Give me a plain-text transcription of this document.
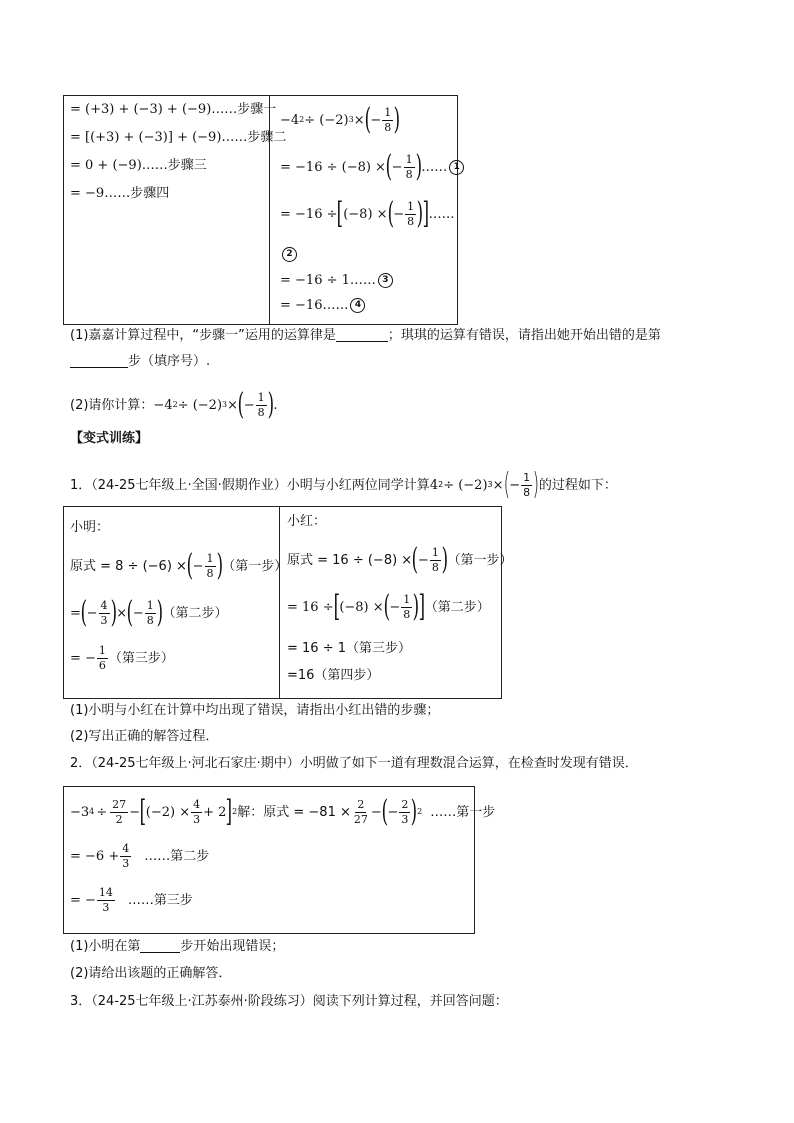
= (+3) + (−3) + (−9) ……步骤一
= [(+3) + (−3)] + (−9) ……步骤二
= 0 + (−9) ……步骤三
= −9 ……步骤四
−4 2 ÷ (−2) 3 × ( − $\frac{1}{8}$ )
= −16 ÷ (−8) × ( − $\frac{1}{8}$ ) …… 1
= −16 ÷ [ (−8) × ( − $\frac{1}{8}$ ) ] ……
2
= −16 ÷ 1 …… 3
= −16 …… 4
(1)嘉嘉计算过程中，“步骤一”运用的运算律是	；琪琪的运算有错误，请指出她开始出错的是第
步（填序号）.
(2)请你计算： −4 2 ÷ (−2) 3 × ( − $\frac{1}{8}$ ) .
【变式训练】
1．（24-25七年级上·全国·假期作业）小明与小红两位同学计算 4 2 ÷ (−2) 3 × ( − $\frac{1}{8}$ ) 的过程如下：
小明：
原式 = 8 ÷ (−6) × ( − $\frac{1}{8}$ ) （第一步）
= ( − $\frac{4}{3}$ ) × ( − $\frac{1}{8}$ ) （第二步）
= − $\frac{1}{6}$ （第三步）
小红：
原式 = 16 ÷ (−8) × ( − $\frac{1}{8}$ ) （第一步）
= 16 ÷ [ (−8) × ( − $\frac{1}{8}$ ) ] （第二步）
= 16 ÷ 1（第三步）
=16（第四步）
(1)小明与小红在计算中均出现了错误，请指出小红出错的步骤；
(2)写出正确的解答过程．
2．（24-25七年级上·河北石家庄·期中）小明做了如下一道有理数混合运算，在检查时发现有错误．
−3 $4 \div \frac{27}{2}$ − [ $(-2) \times \frac{4}{3} + 2$ ] 2 解：原式 = $-81 \times \frac{2}{27}$ − ( − $\frac{2}{3}$ ) 2 ……第一步
= $-6 + \frac{4}{3}$ ……第二步
= − $\frac{14}{3}$ ……第三步
(1)小明在第	步开始出现错误；
(2)请给出该题的正确解答．
3．（24-25七年级上·江苏泰州·阶段练习）阅读下列计算过程，并回答问题：
